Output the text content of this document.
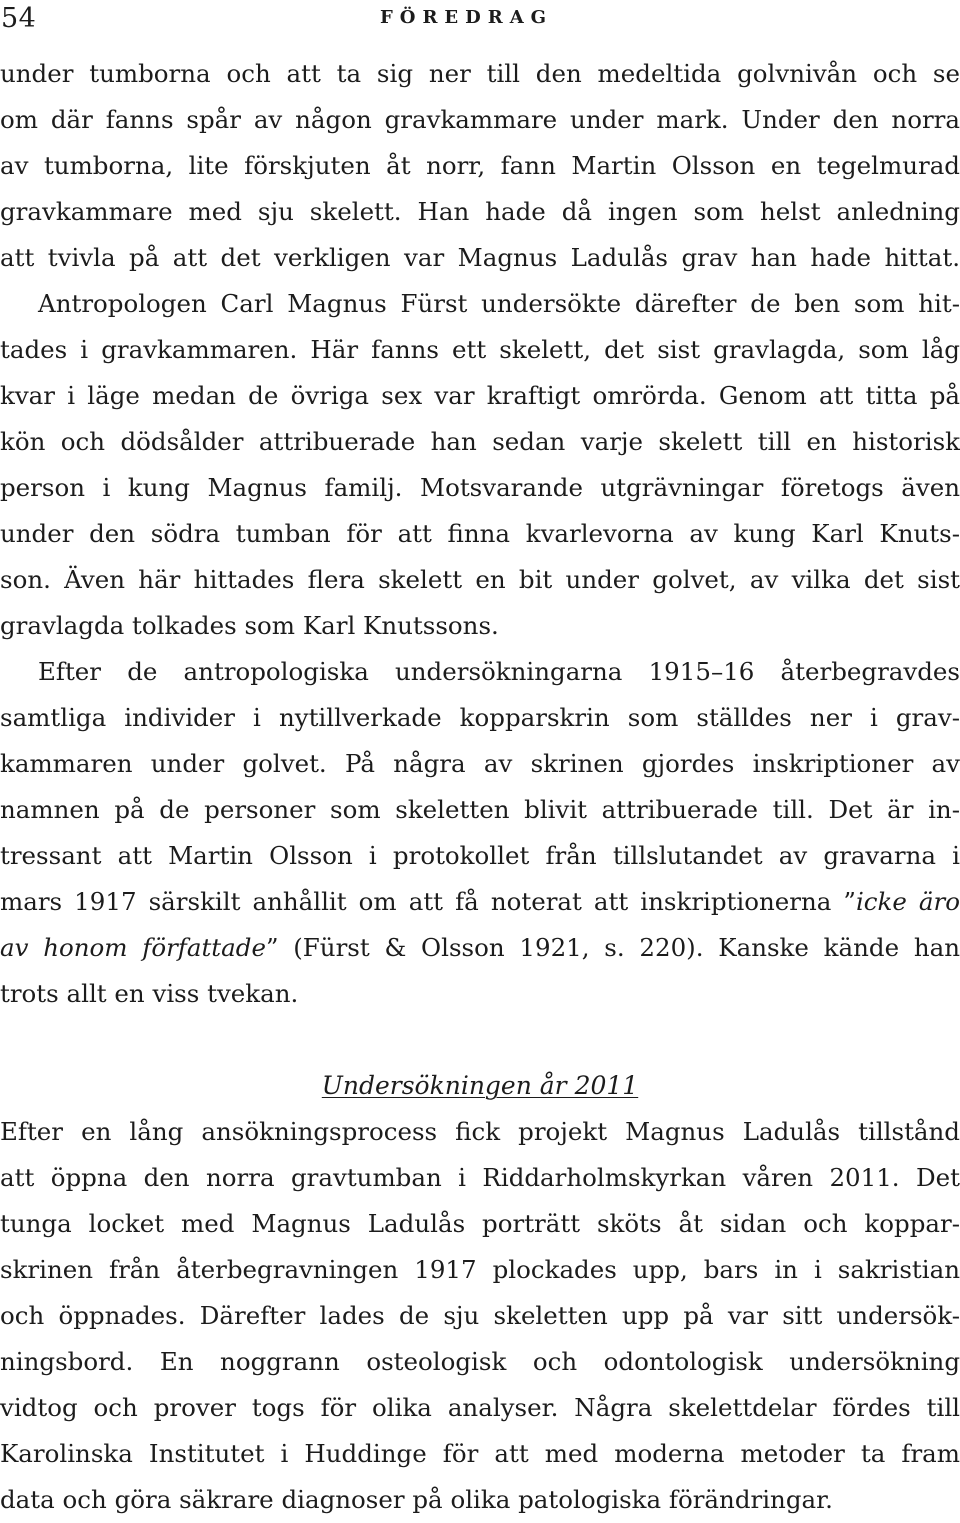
54	FÖREDRAG
under tumborna och att ta sig ner till den medeltida golvnivån och se
om där fanns spår av någon gravkammare under mark. Under den norra
av tumborna, lite förskjuten åt norr, fann Martin Olsson en tegelmurad
gravkammare med sju skelett. Han hade då ingen som helst anledning
att tvivla på att det verkligen var Magnus Ladulås grav han hade hittat.
Antropologen Carl Magnus Fürst undersökte därefter de ben som hit-
tades i gravkammaren. Här fanns ett skelett, det sist gravlagda, som låg
kvar i läge medan de övriga sex var kraftigt omrörda. Genom att titta på
kön och dödsålder attribuerade han sedan varje skelett till en historisk
person i kung Magnus familj. Motsvarande utgrävningar företogs även
under den södra tumban för att finna kvarlevorna av kung Karl Knuts-
son. Även här hittades flera skelett en bit under golvet, av vilka det sist
gravlagda tolkades som Karl Knutssons.
Efter de antropologiska undersökningarna 1915–16 återbegravdes
samtliga individer i nytillverkade kopparskrin som ställdes ner i grav-
kammaren under golvet. På några av skrinen gjordes inskriptioner av
namnen på de personer som skeletten blivit attribuerade till. Det är in-
tressant att Martin Olsson i protokollet från tillslutandet av gravarna i
mars 1917 särskilt anhållit om att få noterat att inskriptionerna ”icke äro
av honom författade” (Fürst & Olsson 1921, s. 220). Kanske kände han
trots allt en viss tvekan.
Undersökningen år 2011
Efter en lång ansökningsprocess fick projekt Magnus Ladulås tillstånd
att öppna den norra gravtumban i Riddarholmskyrkan våren 2011. Det
tunga locket med Magnus Ladulås porträtt sköts åt sidan och koppar-
skrinen från återbegravningen 1917 plockades upp, bars in i sakristian
och öppnades. Därefter lades de sju skeletten upp på var sitt undersök-
ningsbord. En noggrann osteologisk och odontologisk undersökning
vidtog och prover togs för olika analyser. Några skelettdelar fördes till
Karolinska Institutet i Huddinge för att med moderna metoder ta fram
data och göra säkrare diagnoser på olika patologiska förändringar.
